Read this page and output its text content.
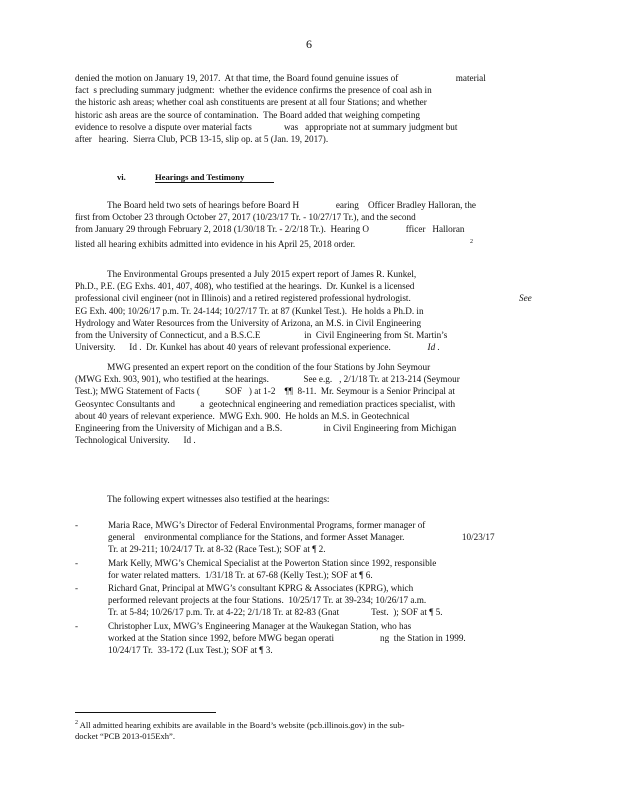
6
denied the motion on January 19, 2017.  At that time, the Board found genuine issues of                         material
fact  s precluding summary judgment:  whether the evidence confirms the presence of coal ash in
the historic ash areas; whether coal ash constituents are present at all four Stations; and whether
historic ash areas are the source of contamination.  The Board added that weighing competing
evidence to resolve a dispute over material facts              was   appropriate not at summary judgment but
after   hearing.  Sierra Club, PCB 13-15, slip op. at 5 (Jan. 19, 2017).
vi.	Hearings and Testimony
The Board held two sets of hearings before Board H                earing    Officer Bradley Halloran, the
first from October 23 through October 27, 2017 (10/23/17 Tr. - 10/27/17 Tr.), and the second
from January 29 through February 2, 2018 (1/30/18 Tr. - 2/2/18 Tr.).  Hearing O                fficer   Halloran
listed all hearing exhibits admitted into evidence in his April 25, 2018 order.	$^2$
The Environmental Groups presented a July 2015 expert report of James R. Kunkel,
Ph.D., P.E. (EG Exhs. 401, 407, 408), who testified at the hearings.  Dr. Kunkel is a licensed
professional civil engineer (not in Illinois) and a retired registered professional hydrologist.
EG Exh. 400; 10/26/17 p.m. Tr. 24-144; 10/27/17 Tr. at 87 (Kunkel Test.).  He holds a Ph.D. in
Hydrology and Water Resources from the University of Arizona, an M.S. in Civil Engineering
from the University of Connecticut, and a B.S.C.E                   in  Civil Engineering from St. Martin’s
University.      Id .  Dr. Kunkel has about 40 years of relevant professional experience.	Id .
See
MWG presented an expert report on the condition of the four Stations by John Seymour
(MWG Exh. 903, 901), who testified at the hearings.               See e.g.   , 2/1/18 Tr. at 213-214 (Seymour
Test.); MWG Statement of Facts (           SOF   ) at 1-2    ¶¶  8-11.  Mr. Seymour is a Senior Principal at
Geosyntec Consultants and           a  geotechnical engineering and remediation practices specialist, with
about 40 years of relevant experience.  MWG Exh. 900.  He holds an M.S. in Geotechnical
Engineering from the University of Michigan and a B.S.                  in Civil Engineering from Michigan
Technological University.      Id .
The following expert witnesses also testified at the hearings:
-	Maria Race, MWG’s Director of Federal Environmental Programs, former manager of
general    environmental compliance for the Stations, and former Asset Manager.                         10/23/17
Tr. at 29-211; 10/24/17 Tr. at 8-32 (Race Test.); SOF at ¶ 2.
-	Mark Kelly, MWG’s Chemical Specialist at the Powerton Station since 1992, responsible
for water related matters.  1/31/18 Tr. at 67-68 (Kelly Test.); SOF at ¶ 6.
-	Richard Gnat, Principal at MWG’s consultant KPRG & Associates (KPRG), which
performed relevant projects at the four Stations.  10/25/17 Tr. at 39-234; 10/26/17 a.m.
Tr. at 5-84; 10/26/17 p.m. Tr. at 4-22; 2/1/18 Tr. at 82-83 (Gnat              Test.  ); SOF at ¶ 5.
-	Christopher Lux, MWG’s Engineering Manager at the Waukegan Station, who has
worked at the Station since 1992, before MWG began operati                    ng  the Station in 1999.
10/24/17 Tr.  33-172 (Lux Test.); SOF at ¶ 3.
$^2$ All admitted hearing exhibits are available in the Board’s website (pcb.illinois.gov) in the sub-
docket “PCB 2013-015Exh”.
